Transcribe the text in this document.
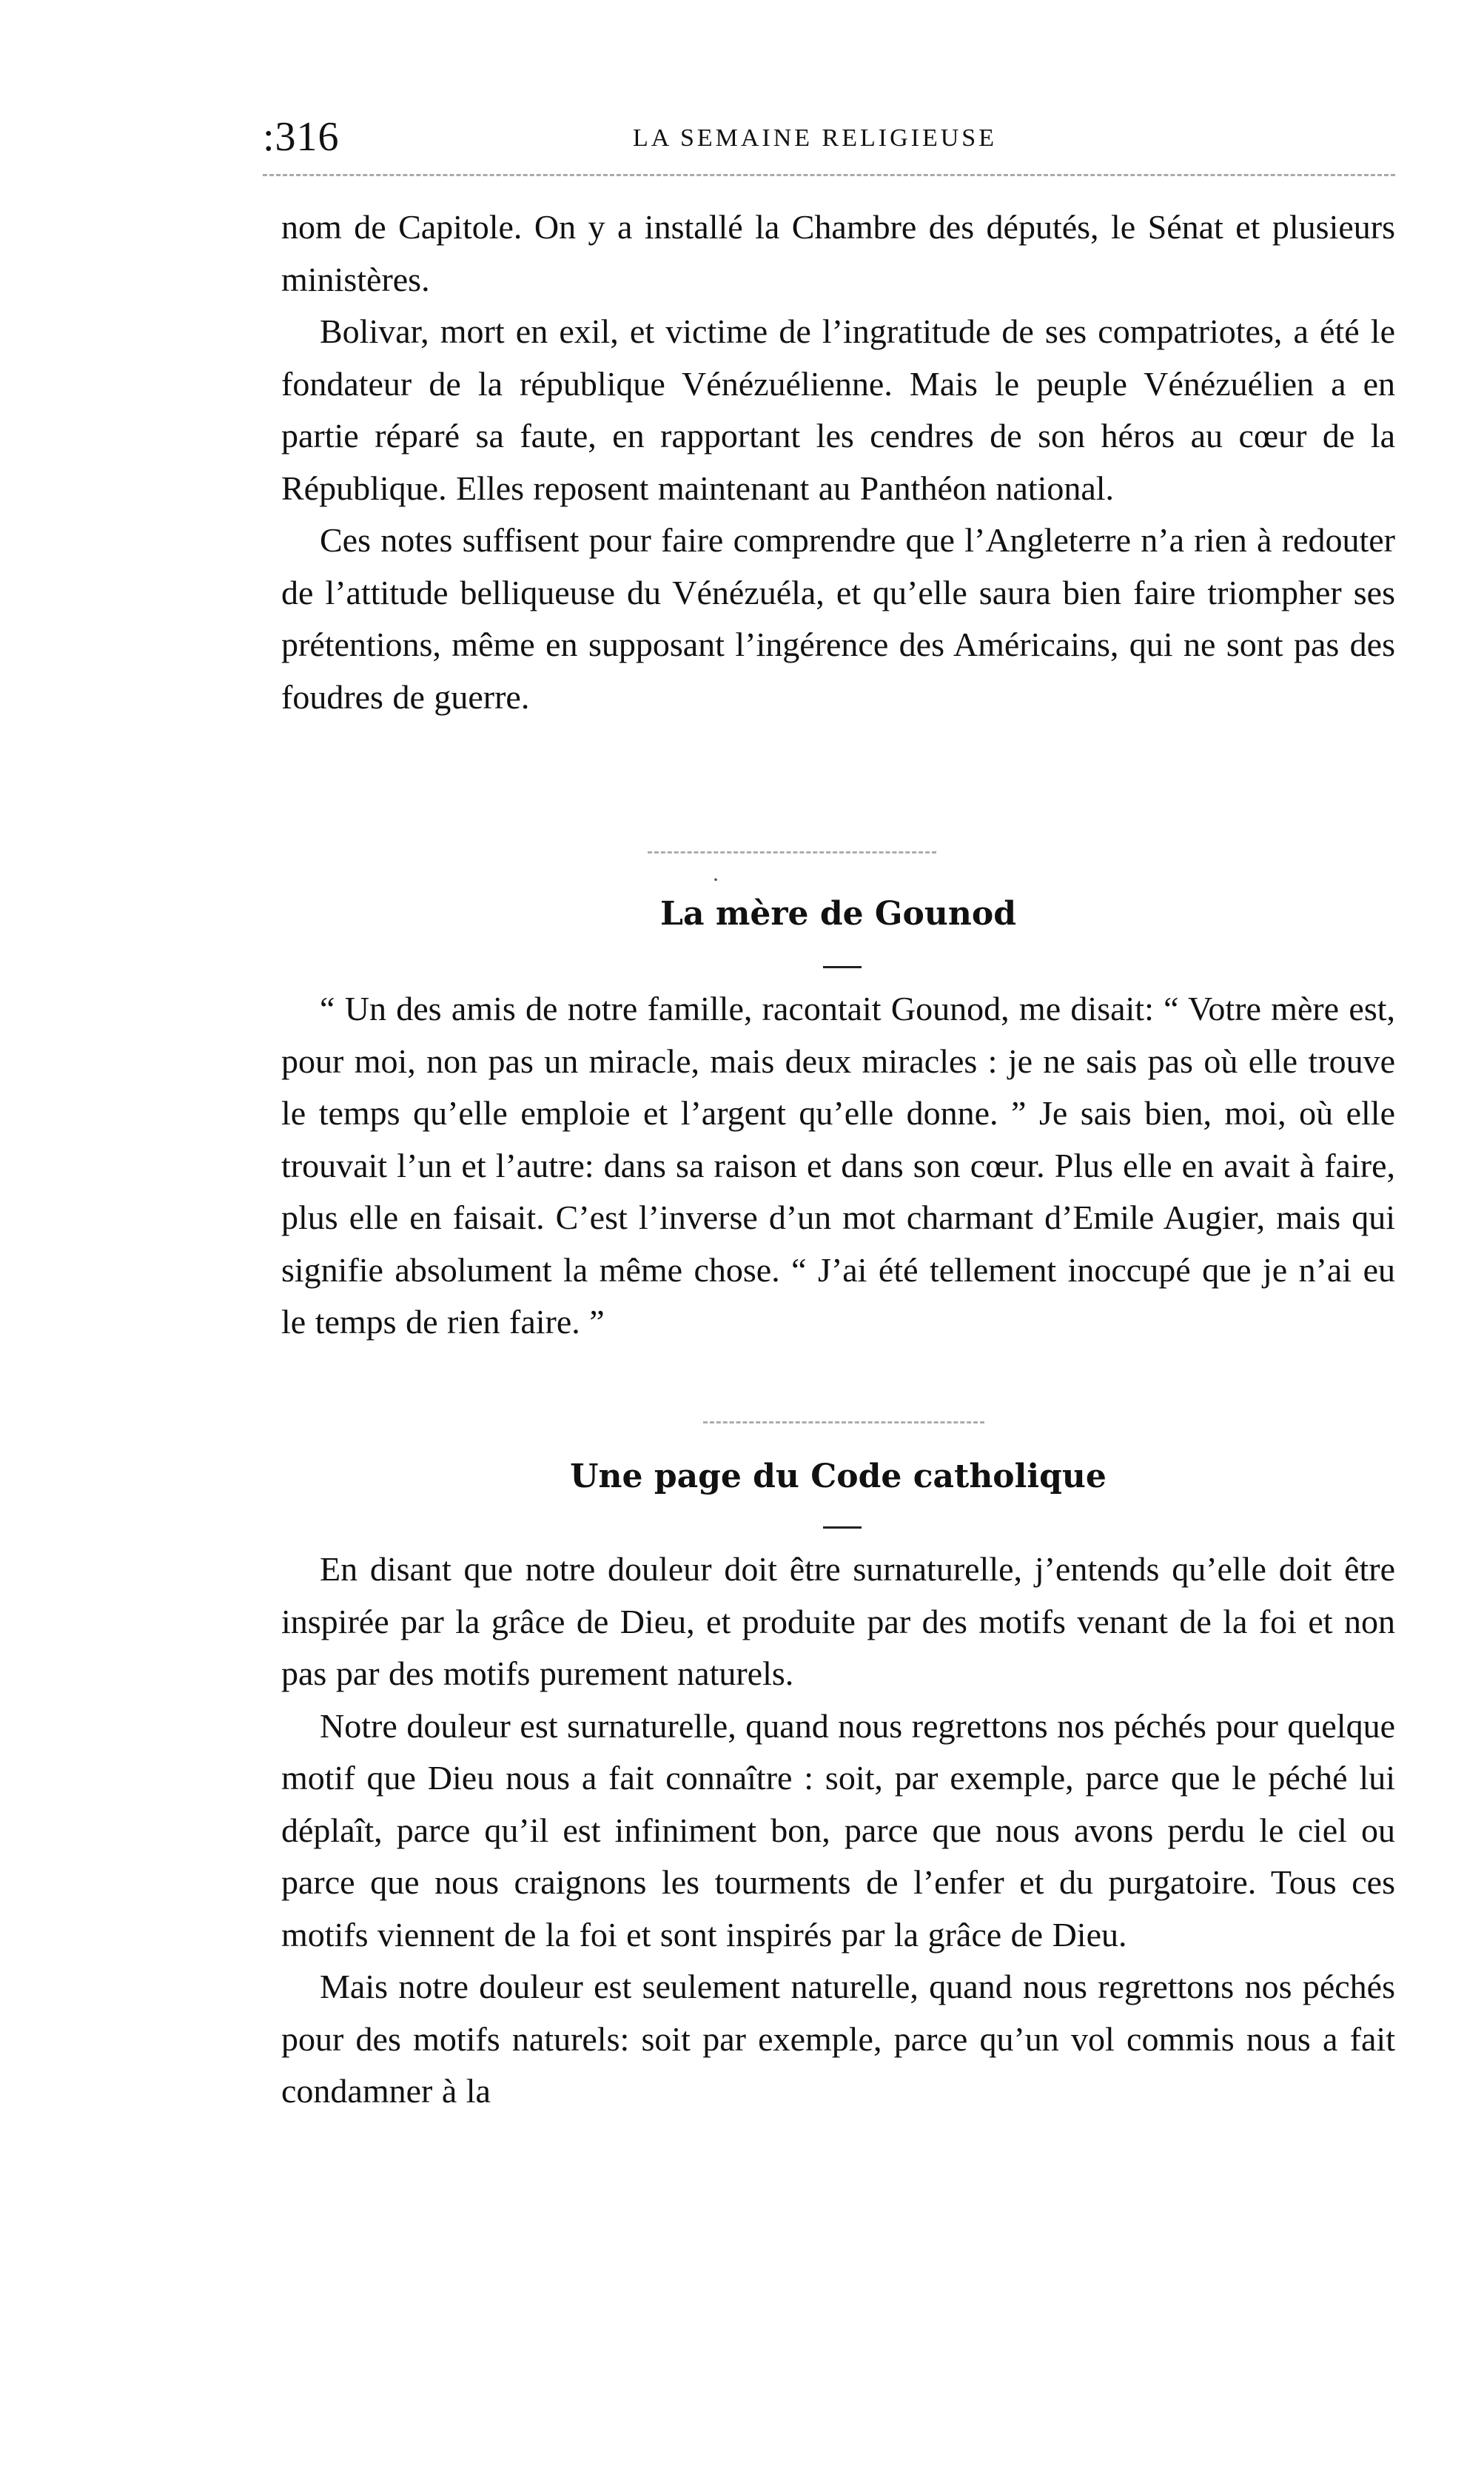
:316	LA SEMAINE RELIGIEUSE

nom de Capitole. On y a installé la Chambre des députés, le Sénat et plusieurs ministères.

Bolivar, mort en exil, et victime de l’ingratitude de ses compatriotes, a été le fondateur de la république Vénézuélienne. Mais le peuple Vénézuélien a en partie réparé sa faute, en rapportant les cendres de son héros au cœur de la République. Elles reposent maintenant au Panthéon national.

Ces notes suffisent pour faire comprendre que l’Angleterre n’a rien à redouter de l’attitude belliqueuse du Vénézuéla, et qu’elle saura bien faire triompher ses prétentions, même en supposant l’ingérence des Américains, qui ne sont pas des foudres de guerre.

·
La mère de Gounod

“ Un des amis de notre famille, racontait Gounod, me disait: “ Votre mère est, pour moi, non pas un miracle, mais deux miracles : je ne sais pas où elle trouve le temps qu’elle emploie et l’argent qu’elle donne. ” Je sais bien, moi, où elle trouvait l’un et l’autre: dans sa raison et dans son cœur. Plus elle en avait à faire, plus elle en faisait. C’est l’inverse d’un mot charmant d’Emile Augier, mais qui signifie absolument la même chose. “ J’ai été tellement inoccupé que je n’ai eu le temps de rien faire. ”

Une page du Code catholique

En disant que notre douleur doit être surnaturelle, j’entends qu’elle doit être inspirée par la grâce de Dieu, et produite par des motifs venant de la foi et non pas par des motifs purement naturels.

Notre douleur est surnaturelle, quand nous regrettons nos péchés pour quelque motif que Dieu nous a fait connaître : soit, par exemple, parce que le péché lui déplaît, parce qu’il est infiniment bon, parce que nous avons perdu le ciel ou parce que nous craignons les tourments de l’enfer et du purgatoire. Tous ces motifs viennent de la foi et sont inspirés par la grâce de Dieu.

Mais notre douleur est seulement naturelle, quand nous regrettons nos péchés pour des motifs naturels: soit par exemple, parce qu’un vol commis nous a fait condamner à la
